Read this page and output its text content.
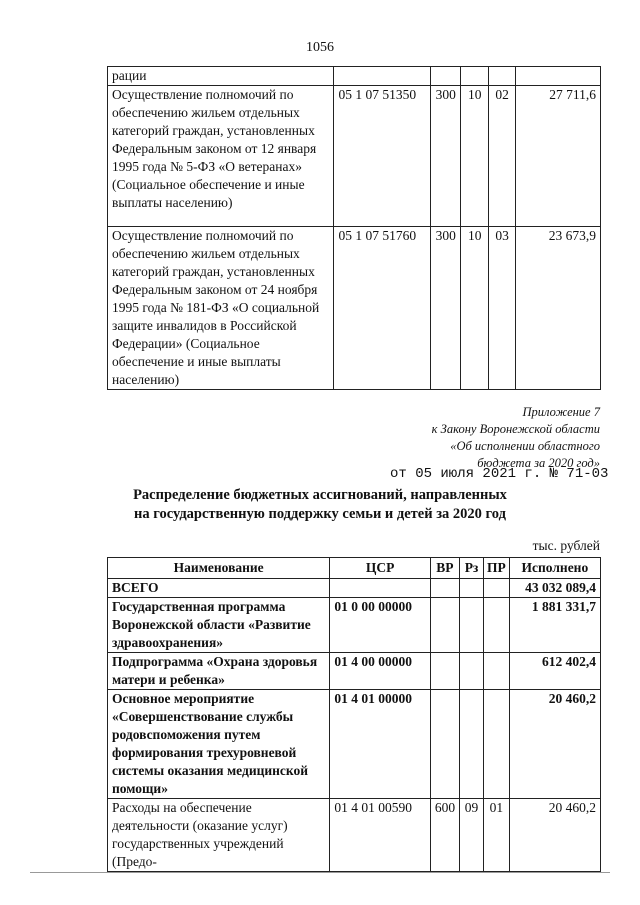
1056
рации					
Осуществление полномочий по обеспечению жильем отдельных категорий граждан, установленных Федеральным законом от 12 января 1995 года № 5-ФЗ «О ветеранах» (Социальное обеспечение и иные выплаты населению)	05 1 07 51350	300	10	02	27 711,6
Осуществление полномочий по обеспечению жильем отдельных категорий граждан, установленных Федеральным законом от 24 ноября 1995 года № 181-ФЗ «О социальной защите инвалидов в Российской Федерации» (Социальное обеспечение и иные выплаты населению)	05 1 07 51760	300	10	03	23 673,9
Приложение 7
к Закону Воронежской области
«Об исполнении областного
бюджета за 2020 год»
от 05 июля 2021 г. № 71-03
Распределение бюджетных ассигнований, направленных
на государственную поддержку семьи и детей за 2020 год
тыс. рублей
Наименование	ЦСР	ВР	Рз	ПР	Исполнено
ВСЕГО					43 032 089,4
Государственная программа Воронежской области «Развитие здравоохранения»	01 0 00 00000				1 881 331,7
Подпрограмма «Охрана здоровья матери и ребенка»	01 4 00 00000				612 402,4
Основное мероприятие «Совершенствование службы родовспоможения путем формирования трехуровневой системы оказания медицинской помощи»	01 4 01 00000				20 460,2
Расходы на обеспечение деятельности (оказание услуг) государственных учреждений (Предо-	01 4 01 00590	600	09	01	20 460,2
